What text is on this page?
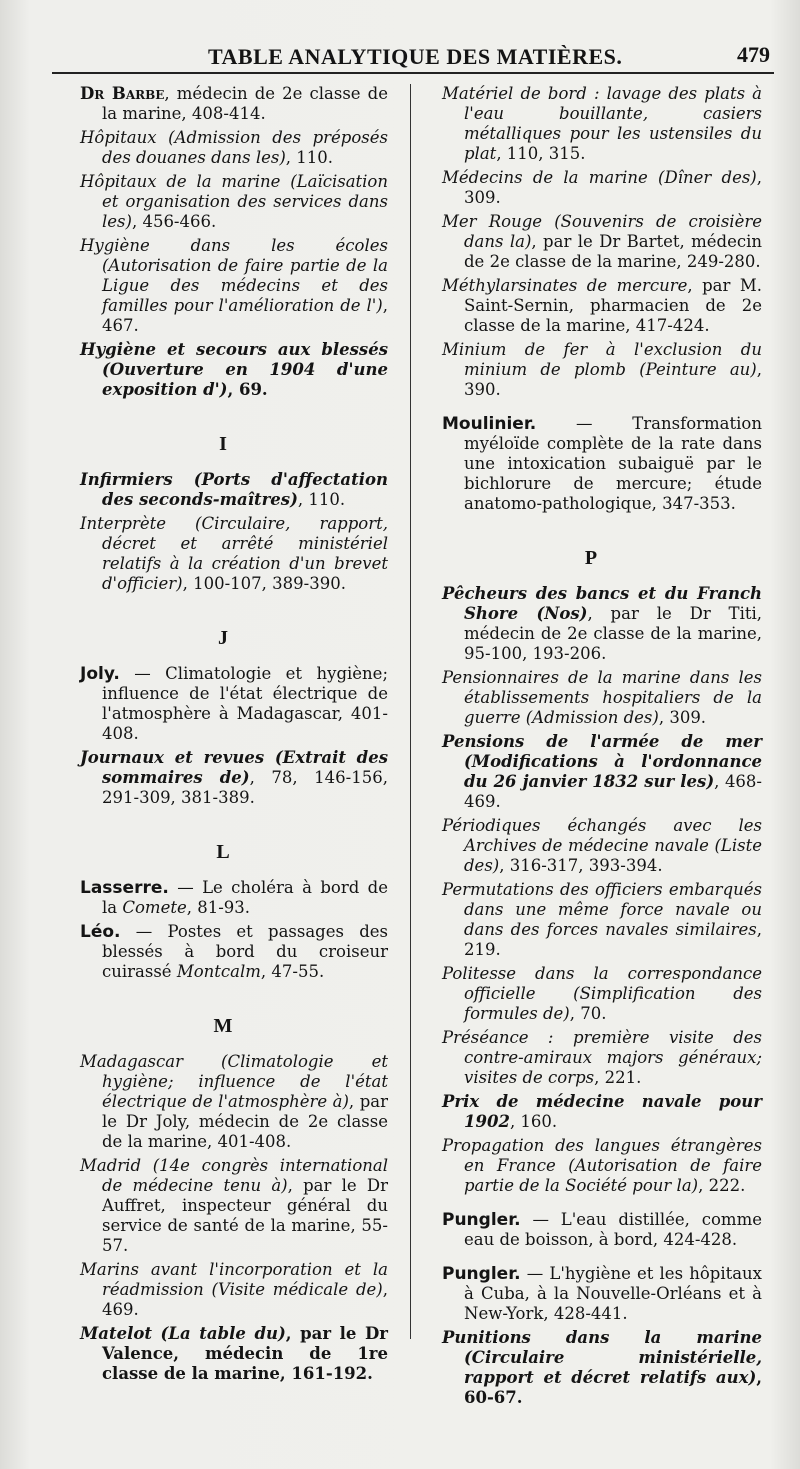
TABLE ANALYTIQUE DES MATIÈRES.	479

Dr Barbe, médecin de 2e classe de la marine, 408-414.

Hôpitaux (Admission des préposés des douanes dans les), 110.

Hôpitaux de la marine (Laïcisation et organisation des services dans les), 456-466.

Hygiène dans les écoles (Autorisation de faire partie de la Ligue des médecins et des familles pour l'amélioration de l'), 467.

Hygiène et secours aux blessés (Ouverture en 1904 d'une exposition d'), 69.

I

Infirmiers (Ports d'affectation des seconds-maîtres), 110.

Interprète (Circulaire, rapport, décret et arrêté ministériel relatifs à la création d'un brevet d'officier), 100-107, 389-390.

J

Joly. — Climatologie et hygiène; influence de l'état électrique de l'atmosphère à Madagascar, 401-408.

Journaux et revues (Extrait des sommaires de), 78, 146-156, 291-309, 381-389.

L

Lasserre. — Le choléra à bord de la Comete, 81-93.

Léo. — Postes et passages des blessés à bord du croiseur cuirassé Montcalm, 47-55.

M

Madagascar (Climatologie et hygiène; influence de l'état électrique de l'atmosphère à), par le Dr Joly, médecin de 2e classe de la marine, 401-408.

Madrid (14e congrès international de médecine tenu à), par le Dr Auffret, inspecteur général du service de santé de la marine, 55-57.

Marins avant l'incorporation et la réadmission (Visite médicale de), 469.

Matelot (La table du), par le Dr Valence, médecin de 1re classe de la marine, 161-192.

Matériel de bord : lavage des plats à l'eau bouillante, casiers métalliques pour les ustensiles du plat, 110, 315.

Médecins de la marine (Dîner des), 309.

Mer Rouge (Souvenirs de croisière dans la), par le Dr Bartet, médecin de 2e classe de la marine, 249-280.

Méthylarsinates de mercure, par M. Saint-Sernin, pharmacien de 2e classe de la marine, 417-424.

Minium de fer à l'exclusion du minium de plomb (Peinture au), 390.

Moulinier. — Transformation myéloïde complète de la rate dans une intoxication subaiguë par le bichlorure de mercure; étude anatomo-pathologique, 347-353.

P

Pêcheurs des bancs et du Franch Shore (Nos), par le Dr Titi, médecin de 2e classe de la marine, 95-100, 193-206.

Pensionnaires de la marine dans les établissements hospitaliers de la guerre (Admission des), 309.

Pensions de l'armée de mer (Modifications à l'ordonnance du 26 janvier 1832 sur les), 468-469.

Périodiques échangés avec les Archives de médecine navale (Liste des), 316-317, 393-394.

Permutations des officiers embarqués dans une même force navale ou dans des forces navales similaires, 219.

Politesse dans la correspondance officielle (Simplification des formules de), 70.

Préséance : première visite des contre-amiraux majors généraux; visites de corps, 221.

Prix de médecine navale pour 1902, 160.

Propagation des langues étrangères en France (Autorisation de faire partie de la Société pour la), 222.

Pungler. — L'eau distillée, comme eau de boisson, à bord, 424-428.

Pungler. — L'hygiène et les hôpitaux à Cuba, à la Nouvelle-Orléans et à New-York, 428-441.

Punitions dans la marine (Circulaire ministérielle, rapport et décret relatifs aux), 60-67.
